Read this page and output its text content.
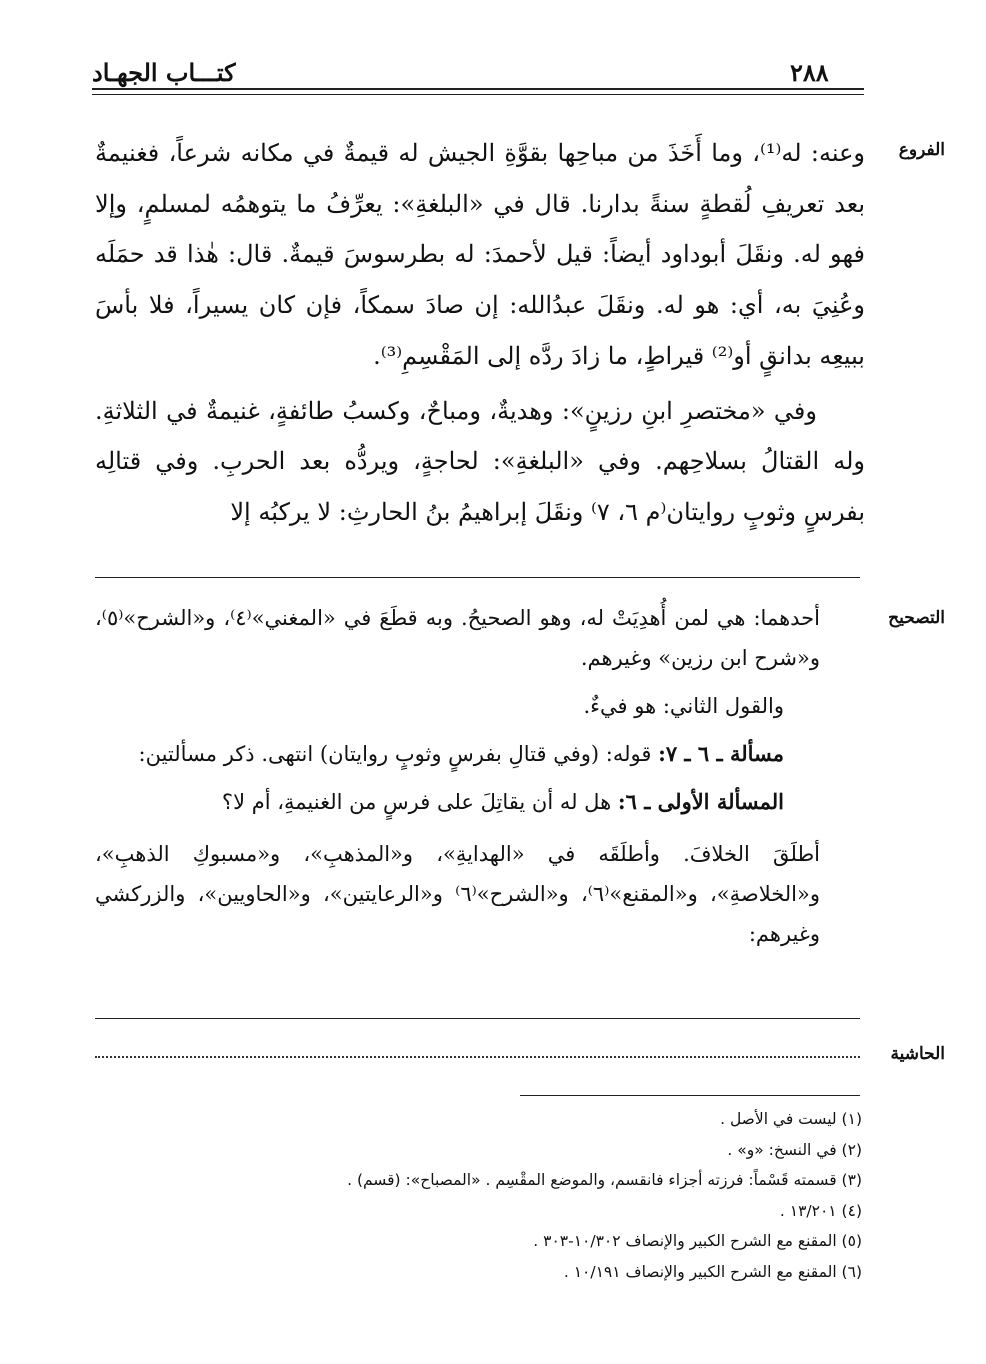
كتـــاب الجهـاد	٢٨٨
الفروع

وعنه: له⁽¹⁾، وما أَخَذَ من مباحِها بقوَّةِ الجيش له قيمةٌ في مكانه شرعاً، فغنيمةٌ بعد تعريفِ لُقطةٍ سنةً بدارنا. قال في «البلغةِ»: يعرِّفُ ما يتوهمُه لمسلمٍ، وإلا فهو له. ونقَلَ أبوداود أيضاً: قيل لأحمدَ: له بطرسوسَ قيمةٌ. قال: هٰذا قد حمَلَه وعُنِيَ به، أي: هو له. ونقَلَ عبدُالله: إن صادَ سمكاً، فإن كان يسيراً، فلا بأسَ ببيعِه بدانقٍ أو⁽²⁾ قيراطٍ، ما زادَ ردَّه إلى المَقْسِمِ⁽³⁾.

وفي «مختصرِ ابنِ رزينٍ»: وهديةٌ، ومباحٌ، وكسبُ طائفةٍ، غنيمةٌ في الثلاثةِ. وله القتالُ بسلاحِهم. وفي «البلغةِ»: لحاجةٍ، ويردُّه بعد الحربِ. وفي قتالِه بفرسٍ وثوبٍ روايتان⁽م ٦، ٧⁾ ونقَلَ إبراهيمُ بنُ الحارثِ: لا يركبُه إلا

التصحيح

أحدهما: هي لمن أُهدِيَتْ له، وهو الصحيحُ. وبه قطَعَ في «المغني»⁽٤⁾، و«الشرح»⁽٥⁾، و«شرح ابن رزين» وغيرهم.

والقول الثاني: هو فيءٌ.

مسألة ـ ٦ ـ ٧: قوله: (وفي قتالِ بفرسٍ وثوبٍ روايتان) انتهى. ذكر مسألتين:

المسألة الأولى ـ ٦: هل له أن يقاتِلَ على فرسٍ من الغنيمةِ، أم لا؟

أطلَقَ الخلافَ. وأطلَقَه في «الهدايةِ»، و«المذهبِ»، و«مسبوكِ الذهبِ»، و«الخلاصةِ»، و«المقنع»⁽٦⁾، و«الشرح»⁽٦⁾ و«الرعايتين»، و«الحاويين»، والزركشي وغيرهم:

الحاشية
(١) ليست في الأصل .
(٢) في النسخ: «و» .
(٣) قسمته قَسْماً: فرزته أجزاء فانقسم، والموضع المقْسِم . «المصباح»: (قسم) .
(٤) ١٣/٢٠١ .
(٥) المقنع مع الشرح الكبير والإنصاف ١٠/٣٠٢-٣٠٣ .
(٦) المقنع مع الشرح الكبير والإنصاف ١٠/١٩١ .
